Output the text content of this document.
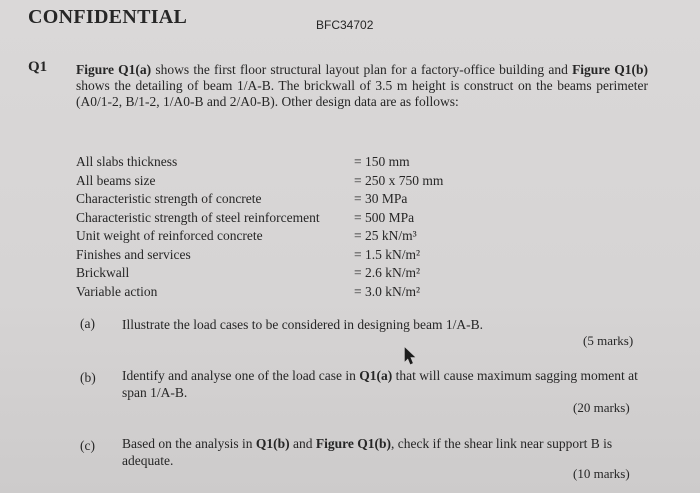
CONFIDENTIAL	BFC34702
Q1 Figure Q1(a) shows the first floor structural layout plan for a factory-office building and Figure Q1(b) shows the detailing of beam 1/A-B. The brickwall of 3.5 m height is construct on the beams perimeter (A0/1-2, B/1-2, 1/A0-B and 2/A0-B). Other design data are as follows:
All slabs thickness	= 150 mm
All beams size	= 250 x 750 mm
Characteristic strength of concrete	= 30 MPa
Characteristic strength of steel reinforcement	= 500 MPa
Unit weight of reinforced concrete	= 25 kN/m³
Finishes and services	= 1.5 kN/m²
Brickwall	= 2.6 kN/m²
Variable action	= 3.0 kN/m²
(a) Illustrate the load cases to be considered in designing beam 1/A-B.
(5 marks)
(b) Identify and analyse one of the load case in Q1(a) that will cause maximum sagging moment at span 1/A-B.
(20 marks)
(c) Based on the analysis in Q1(b) and Figure Q1(b), check if the shear link near support B is adequate.
(10 marks)
